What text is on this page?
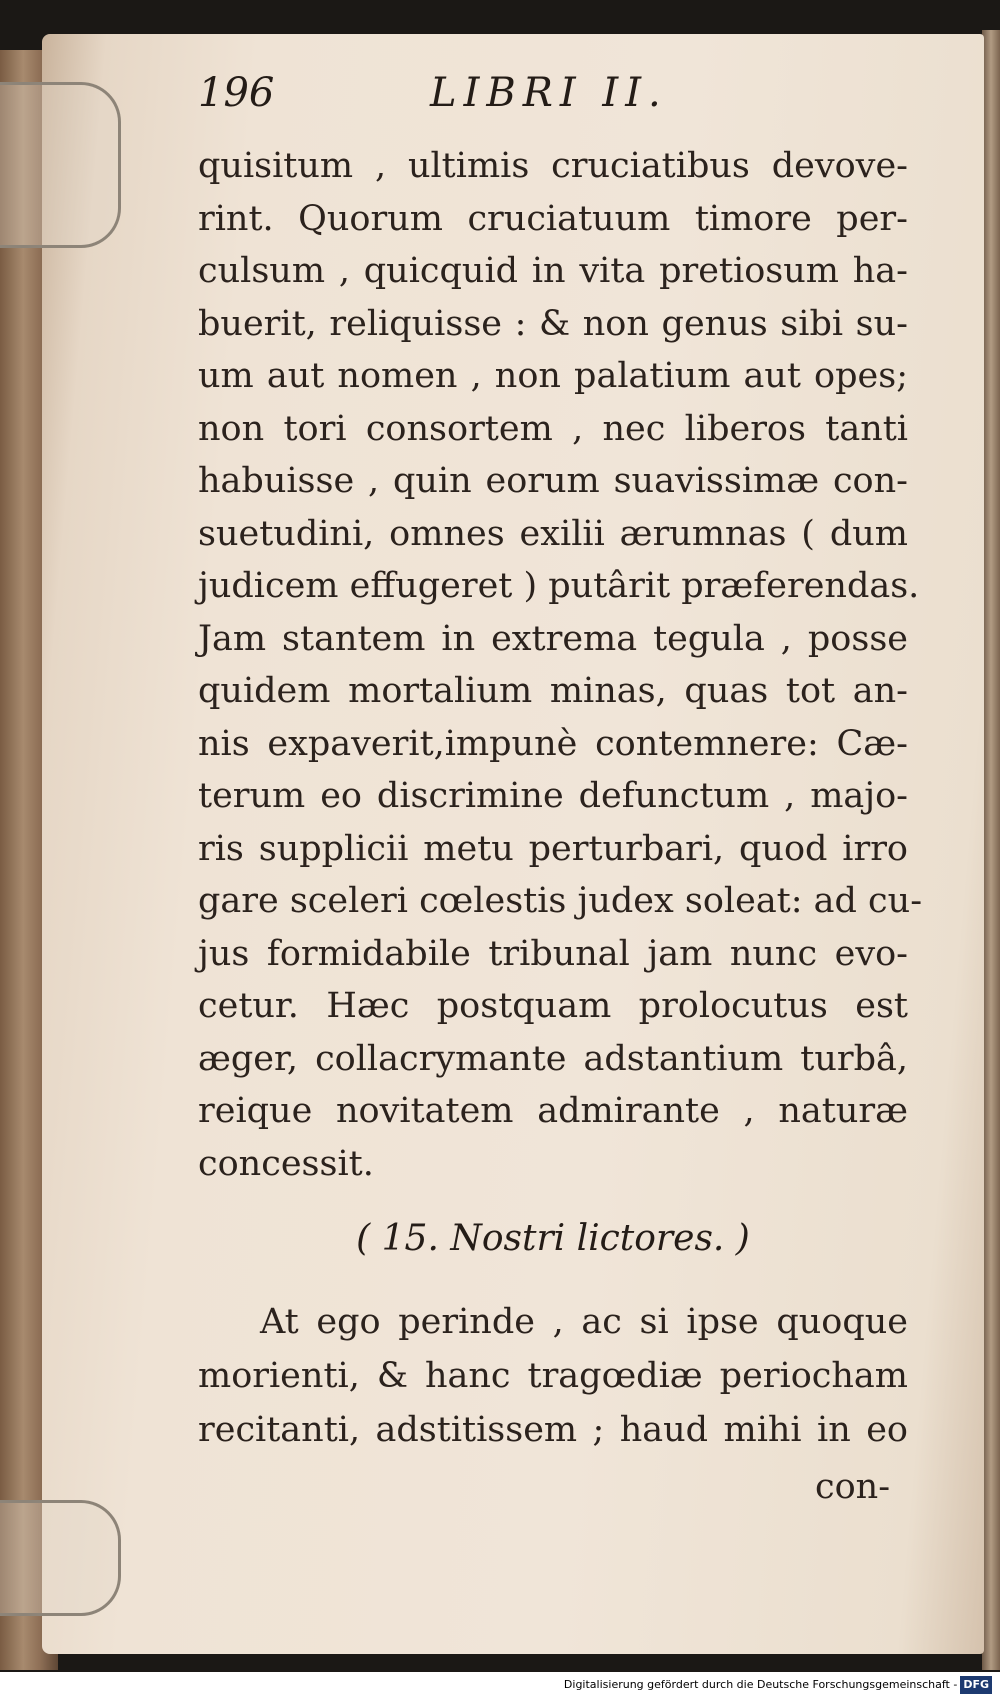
196	LIBRI II.
quisitum , ultimis cruciatibus devove-
rint. Quorum cruciatuum timore per-
culsum , quicquid in vita pretiosum ha-
buerit, reliquisse : & non genus sibi su-
um aut nomen , non palatium aut opes;
non tori consortem , nec liberos tanti
habuisse , quin eorum suavissimæ con-
suetudini, omnes exilii ærumnas ( dum
judicem effugeret ) putârit præferendas.
Jam stantem in extrema tegula , posse
quidem mortalium minas, quas tot an-
nis expaverit,impunè contemnere: Cæ-
terum eo discrimine defunctum , majo-
ris supplicii metu perturbari, quod irro
gare sceleri cœlestis judex soleat: ad cu-
jus formidabile tribunal jam nunc evo-
cetur. Hæc postquam prolocutus est
æger, collacrymante adstantium turbâ,
reique novitatem admirante , naturæ
concessit.
( 15. Nostri lictores. )
At ego perinde , ac si ipse quoque
morienti, & hanc tragœdiæ periocham
recitanti, adstitissem ; haud mihi in eo
con-
Digitalisierung gefördert durch die Deutsche Forschungsgemeinschaft - DFG
